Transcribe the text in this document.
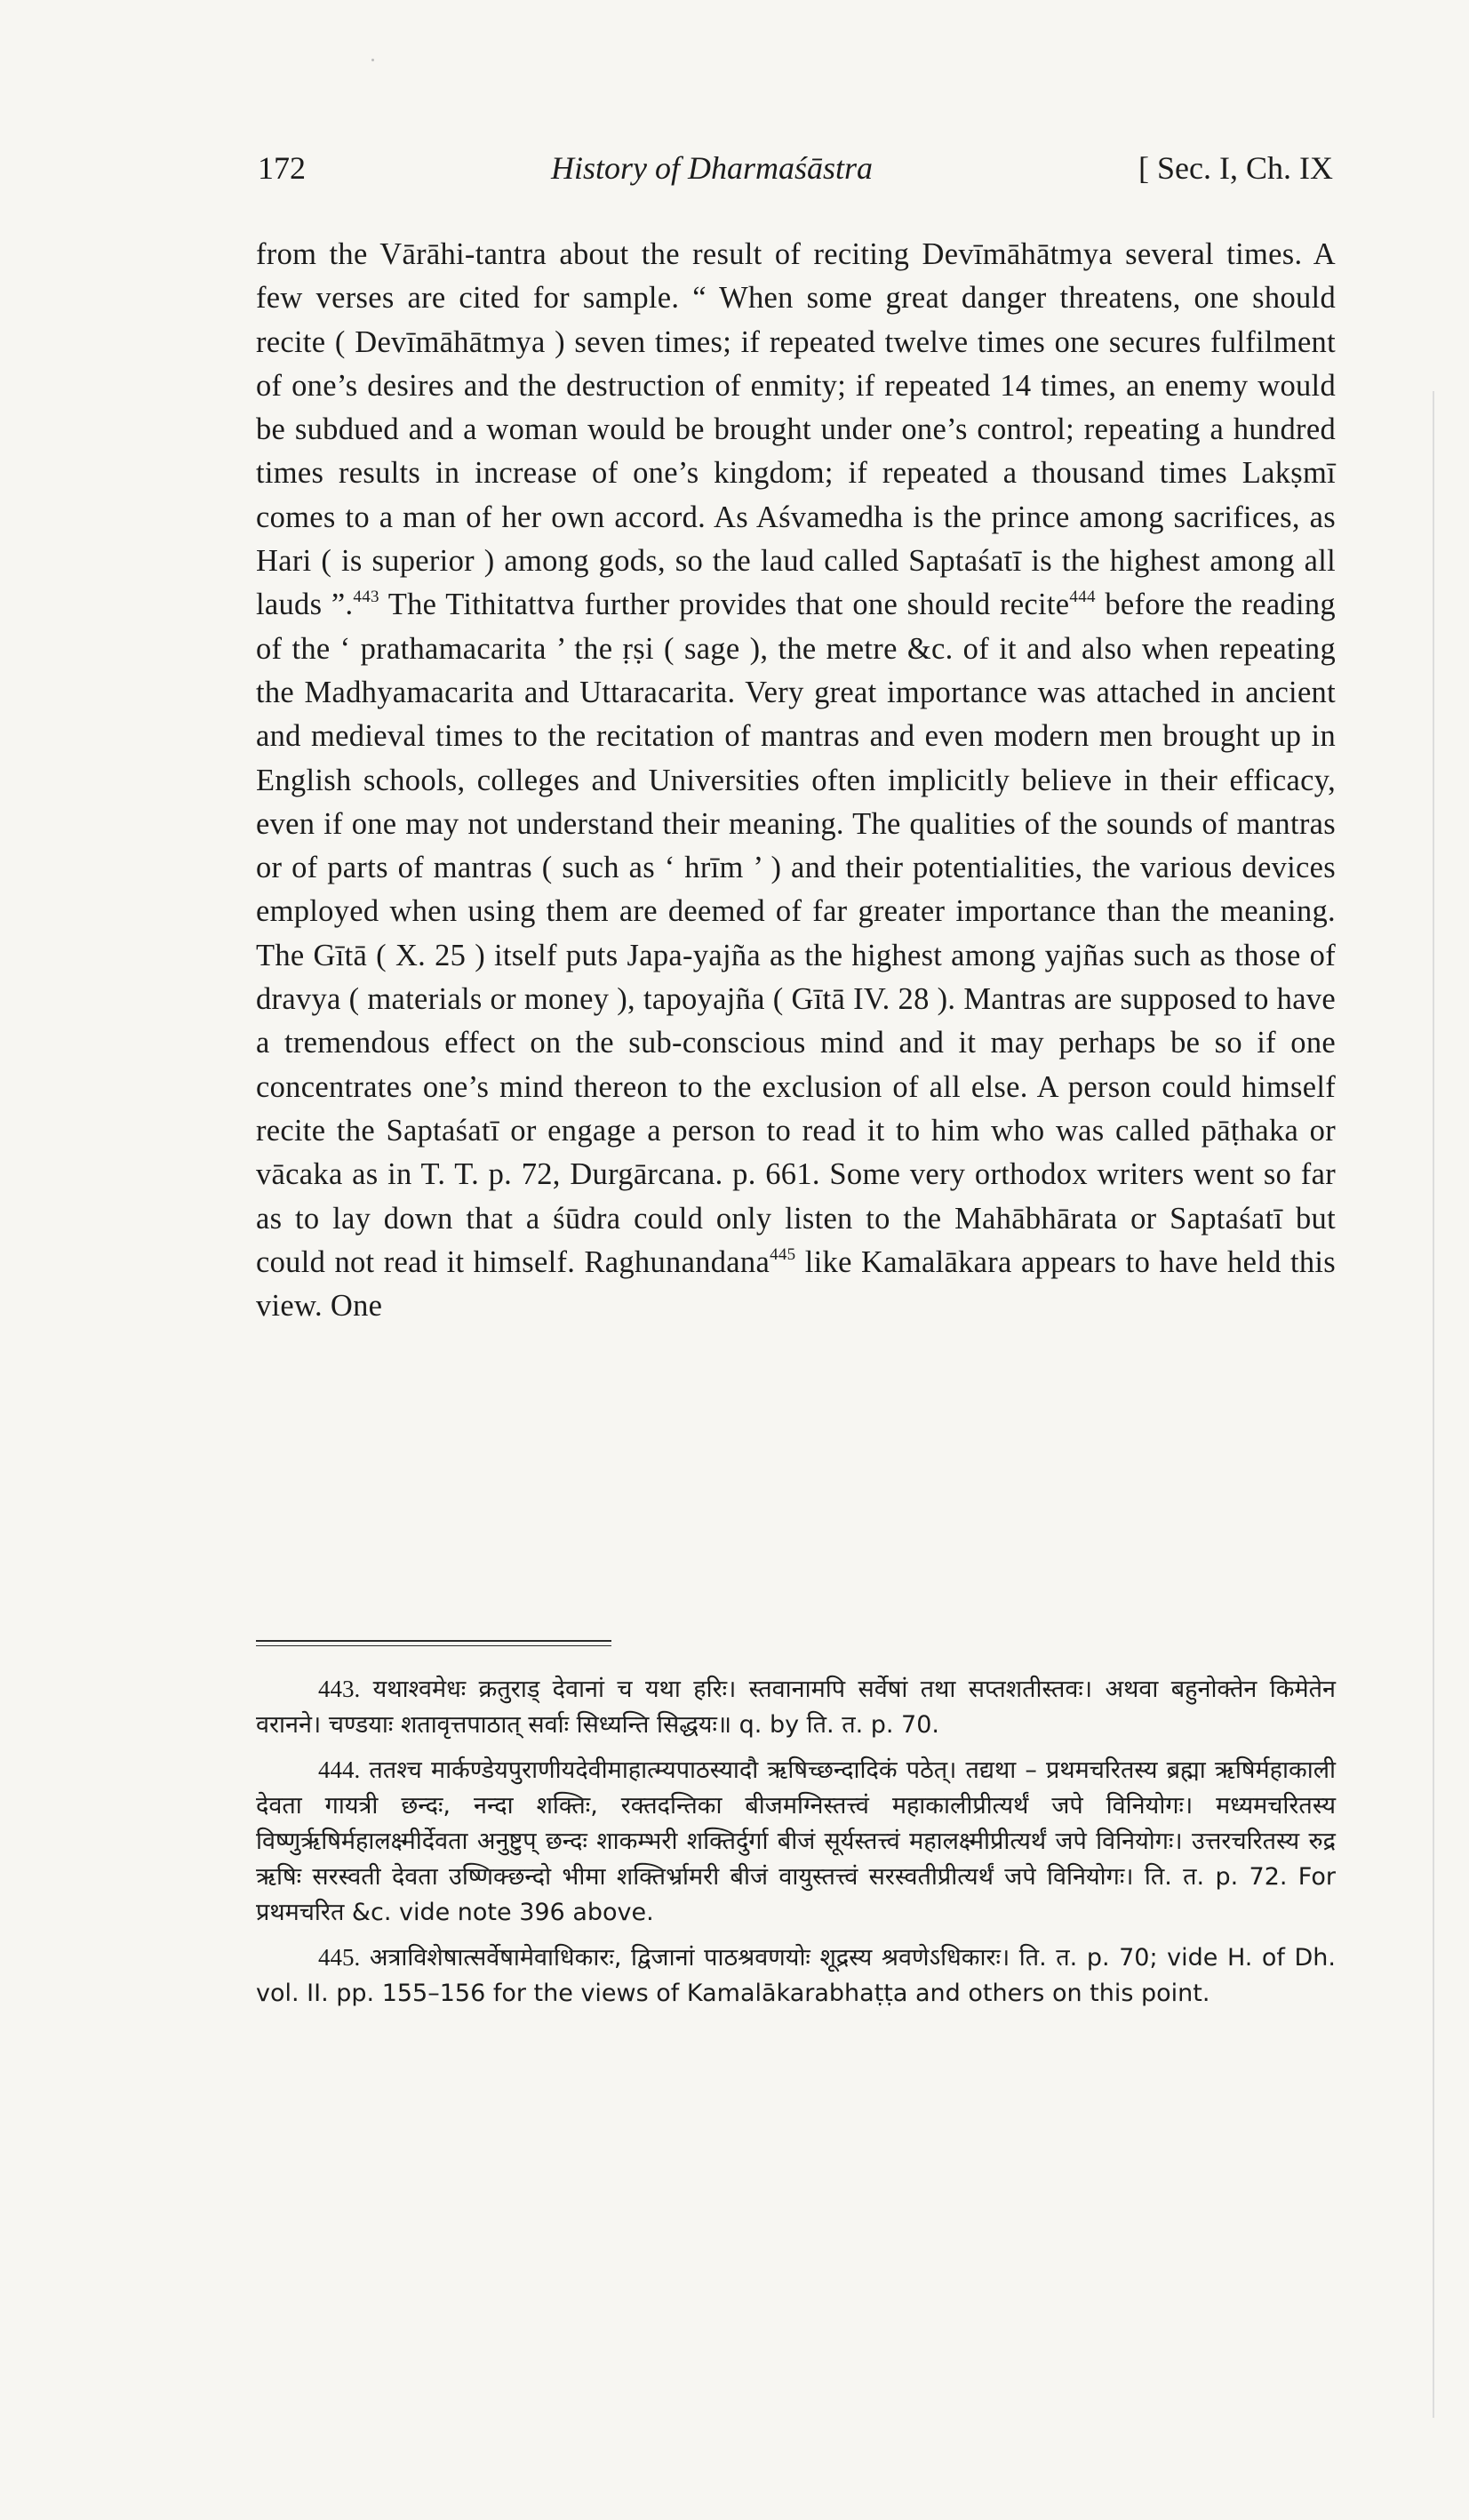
172	History of Dharmaśāstra	[ Sec. I, Ch. IX

from the Vārāhi-tantra about the result of reciting Devīmāhātmya several times. A few verses are cited for sample. “ When some great danger threatens, one should recite ( Devīmāhātmya ) seven times; if repeated twelve times one secures fulfilment of one’s desires and the destruction of enmity; if repeated 14 times, an enemy would be subdued and a woman would be brought under one’s control; repeating a hundred times results in increase of one’s kingdom; if repeated a thousand times Lakṣmī comes to a man of her own accord. As Aśvamedha is the prince among sacrifices, as Hari ( is superior ) among gods, so the laud called Saptaśatī is the highest among all lauds ”.$^{443}$ The Tithitattva further provides that one should recite$^{444}$ before the reading of the ‘ prathamacarita ’ the ṛṣi ( sage ), the metre &c. of it and also when repeating the Madhyamacarita and Uttaracarita. Very great importance was attached in ancient and medieval times to the recitation of mantras and even modern men brought up in English schools, colleges and Universities often implicitly believe in their efficacy, even if one may not understand their meaning. The qualities of the sounds of mantras or of parts of mantras ( such as ‘ hrīm ’ ) and their potentialities, the various devices employed when using them are deemed of far greater importance than the meaning. The Gītā ( X. 25 ) itself puts Japa-yajña as the highest among yajñas such as those of dravya ( materials or money ), tapoyajña ( Gītā IV. 28 ). Mantras are supposed to have a tremendous effect on the sub-conscious mind and it may perhaps be so if one concentrates one’s mind thereon to the exclusion of all else. A person could himself recite the Saptaśatī or engage a person to read it to him who was called pāṭhaka or vācaka as in T. T. p. 72, Durgārcana. p. 661. Some very orthodox writers went so far as to lay down that a śūdra could only listen to the Mahābhārata or Saptaśatī but could not read it himself. Raghunandana$^{445}$ like Kamalākara appears to have held this view. One

443. यथाश्वमेधः क्रतुराड् देवानां च यथा हरिः। स्तवानामपि सर्वेषां तथा सप्तशतीस्तवः। अथवा बहुनोक्तेन किमेतेन वरानने। चण्डयाः शतावृत्तपाठात् सर्वाः सिध्यन्ति सिद्धयः॥ q. by ति. त. p. 70.

444. ततश्च मार्कण्डेयपुराणीयदेवीमाहात्म्यपाठस्यादौ ऋषिच्छन्दादिकं पठेत्। तद्यथा – प्रथमचरितस्य ब्रह्मा ऋषिर्महाकाली देवता गायत्री छन्दः, नन्दा शक्तिः, रक्तदन्तिका बीजमग्निस्तत्त्वं महाकालीप्रीत्यर्थं जपे विनियोगः। मध्यमचरितस्य विष्णुर्ऋषिर्महालक्ष्मीर्देवता अनुष्टुप् छन्दः शाकम्भरी शक्तिर्दुर्गा बीजं सूर्यस्तत्त्वं महालक्ष्मीप्रीत्यर्थं जपे विनियोगः। उत्तरचरितस्य रुद्र ऋषिः सरस्वती देवता उष्णिक्छन्दो भीमा शक्तिर्भ्रामरी बीजं वायुस्तत्त्वं सरस्वतीप्रीत्यर्थं जपे विनियोगः। ति. त. p. 72. For प्रथमचरित &c. vide note 396 above.

445. अत्राविशेषात्सर्वेषामेवाधिकारः, द्विजानां पाठश्रवणयोः शूद्रस्य श्रवणेऽधिकारः। ति. त. p. 70; vide H. of Dh. vol. II. pp. 155–156 for the views of Kamalākarabhaṭṭa and others on this point.
